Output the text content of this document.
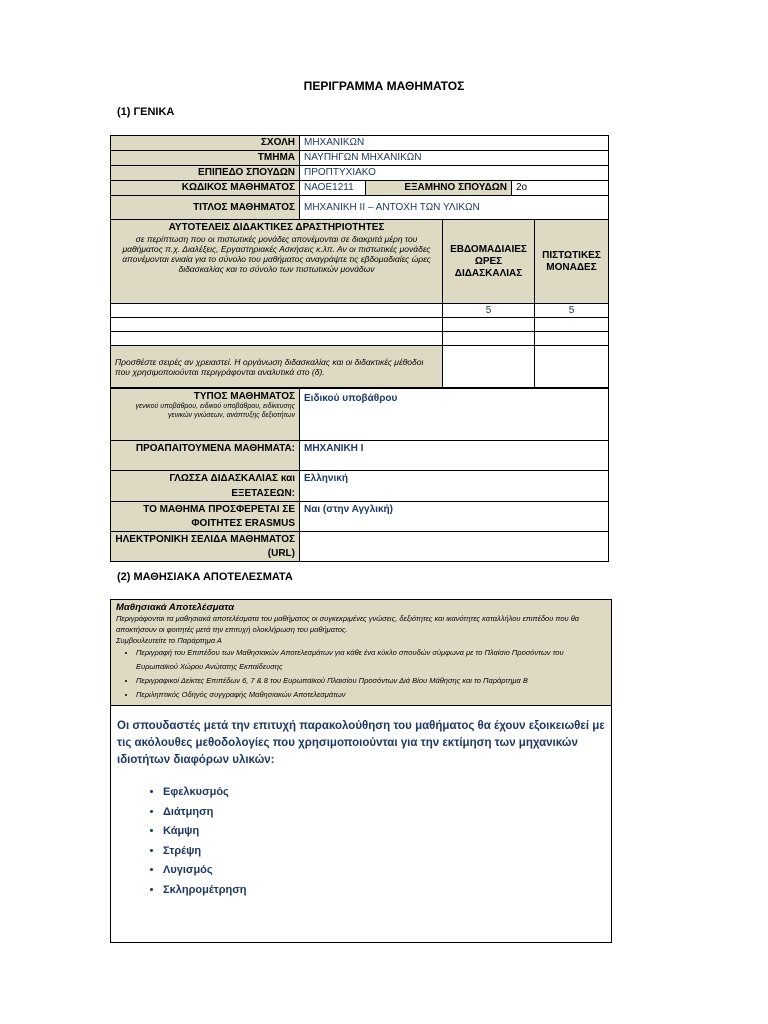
ΠΕΡΙΓΡΑΜΜΑ ΜΑΘΗΜΑΤΟΣ
(1) ΓΕΝΙΚΑ
ΣΧΟΛΗ	ΜΗΧΑΝΙΚΩΝ		
ΤΜΗΜΑ	ΝΑΥΠΗΓΩΝ ΜΗΧΑΝΙΚΩΝ		
ΕΠΙΠΕΔΟ ΣΠΟΥΔΩΝ	ΠΡΟΠΤΥΧΙΑΚΟ		
ΚΩΔΙΚΟΣ ΜΑΘΗΜΑΤΟΣ	ΝΑΟΕ1211	ΕΞΑΜΗΝΟ ΣΠΟΥΔΩΝ	2ο
ΤΙΤΛΟΣ ΜΑΘΗΜΑΤΟΣ	ΜΗΧΑΝΙΚΗ ΙΙ – ΑΝΤΟΧΗ ΤΩΝ ΥΛΙΚΩΝ		
ΑΥΤΟΤΕΛΕΙΣ ΔΙΔΑΚΤΙΚΕΣ ΔΡΑΣΤΗΡΙΟΤΗΤΕΣ
σε περίπτωση που οι πιστωτικές μονάδες απονέμονται σε διακριτά μέρη του μαθήματος π.χ. Διαλέξεις, Εργαστηριακές Ασκήσεις κ.λπ. Αν οι πιστωτικές μονάδες απονέμονται ενιαία για το σύνολο του μαθήματος αναγράψτε τις εβδομαδιαίες ώρες διδασκαλίας και το σύνολο των πιστωτικών μονάδων	ΕΒΔΟΜΑΔΙΑΙΕΣ ΩΡΕΣ ΔΙΔΑΣΚΑΛΙΑΣ	ΠΙΣΤΩΤΙΚΕΣ ΜΟΝΑΔΕΣ
	5	5

Προσθέστε σειρές αν χρειαστεί. Η οργάνωση διδασκαλίας και οι διδακτικές μέθοδοι που χρησιμοποιούνται περιγράφονται αναλυτικά στο (δ).		
ΤΥΠΟΣ ΜΑΘΗΜΑΤΟΣ
γενικού υποβάθρου, ειδικού υποβάθρου, ειδίκευσης γενικών γνώσεων, ανάπτυξης δεξιοτήτων	Ειδικού υποβάθρου
ΠΡΟΑΠΑΙΤΟΥΜΕΝΑ ΜΑΘΗΜΑΤΑ:	ΜΗΧΑΝΙΚΗ Ι
ΓΛΩΣΣΑ ΔΙΔΑΣΚΑΛΙΑΣ και ΕΞΕΤΑΣΕΩΝ:	Ελληνική
ΤΟ ΜΑΘΗΜΑ ΠΡΟΣΦΕΡΕΤΑΙ ΣΕ ΦΟΙΤΗΤΕΣ ERASMUS	Ναι (στην Αγγλική)
ΗΛΕΚΤΡΟΝΙΚΗ ΣΕΛΙΔΑ ΜΑΘΗΜΑΤΟΣ (URL)	
(2) ΜΑΘΗΣΙΑΚΑ ΑΠΟΤΕΛΕΣΜΑΤΑ
Μαθησιακά Αποτελέσματα
Περιγράφονται τα μαθησιακά αποτελέσματα του μαθήματος οι συγκεκριμένες γνώσεις, δεξιότητες και ικανότητες καταλλήλου επιπέδου που θα αποκτήσουν οι φοιτητές μετά την επιτυχή ολοκλήρωση του μαθήματος.
Συμβουλευτείτε το Παράρτημα Α
• Περιγραφή του Επιπέδου των Μαθησιακών Αποτελεσμάτων για κάθε ένα κύκλο σπουδών σύμφωνα με το Πλαίσιο Προσόντων του Ευρωπαϊκού Χώρου Ανώτατης Εκπαίδευσης
• Περιγραφικοί Δείκτες Επιπέδων 6, 7 & 8 του Ευρωπαϊκού Πλαισίου Προσόντων Διά Βίου Μάθησης και το Παράρτημα Β
• Περιληπτικός Οδηγός συγγραφής Μαθησιακών Αποτελεσμάτων
Οι σπουδαστές μετά την επιτυχή παρακολούθηση του μαθήματος θα έχουν εξοικειωθεί με τις ακόλουθες μεθοδολογίες που χρησιμοποιούνται για την εκτίμηση των μηχανικών ιδιοτήτων διαφόρων υλικών:
• Εφελκυσμός
• Διάτμηση
• Κάμψη
• Στρέψη
• Λυγισμός
• Σκληρομέτρηση
